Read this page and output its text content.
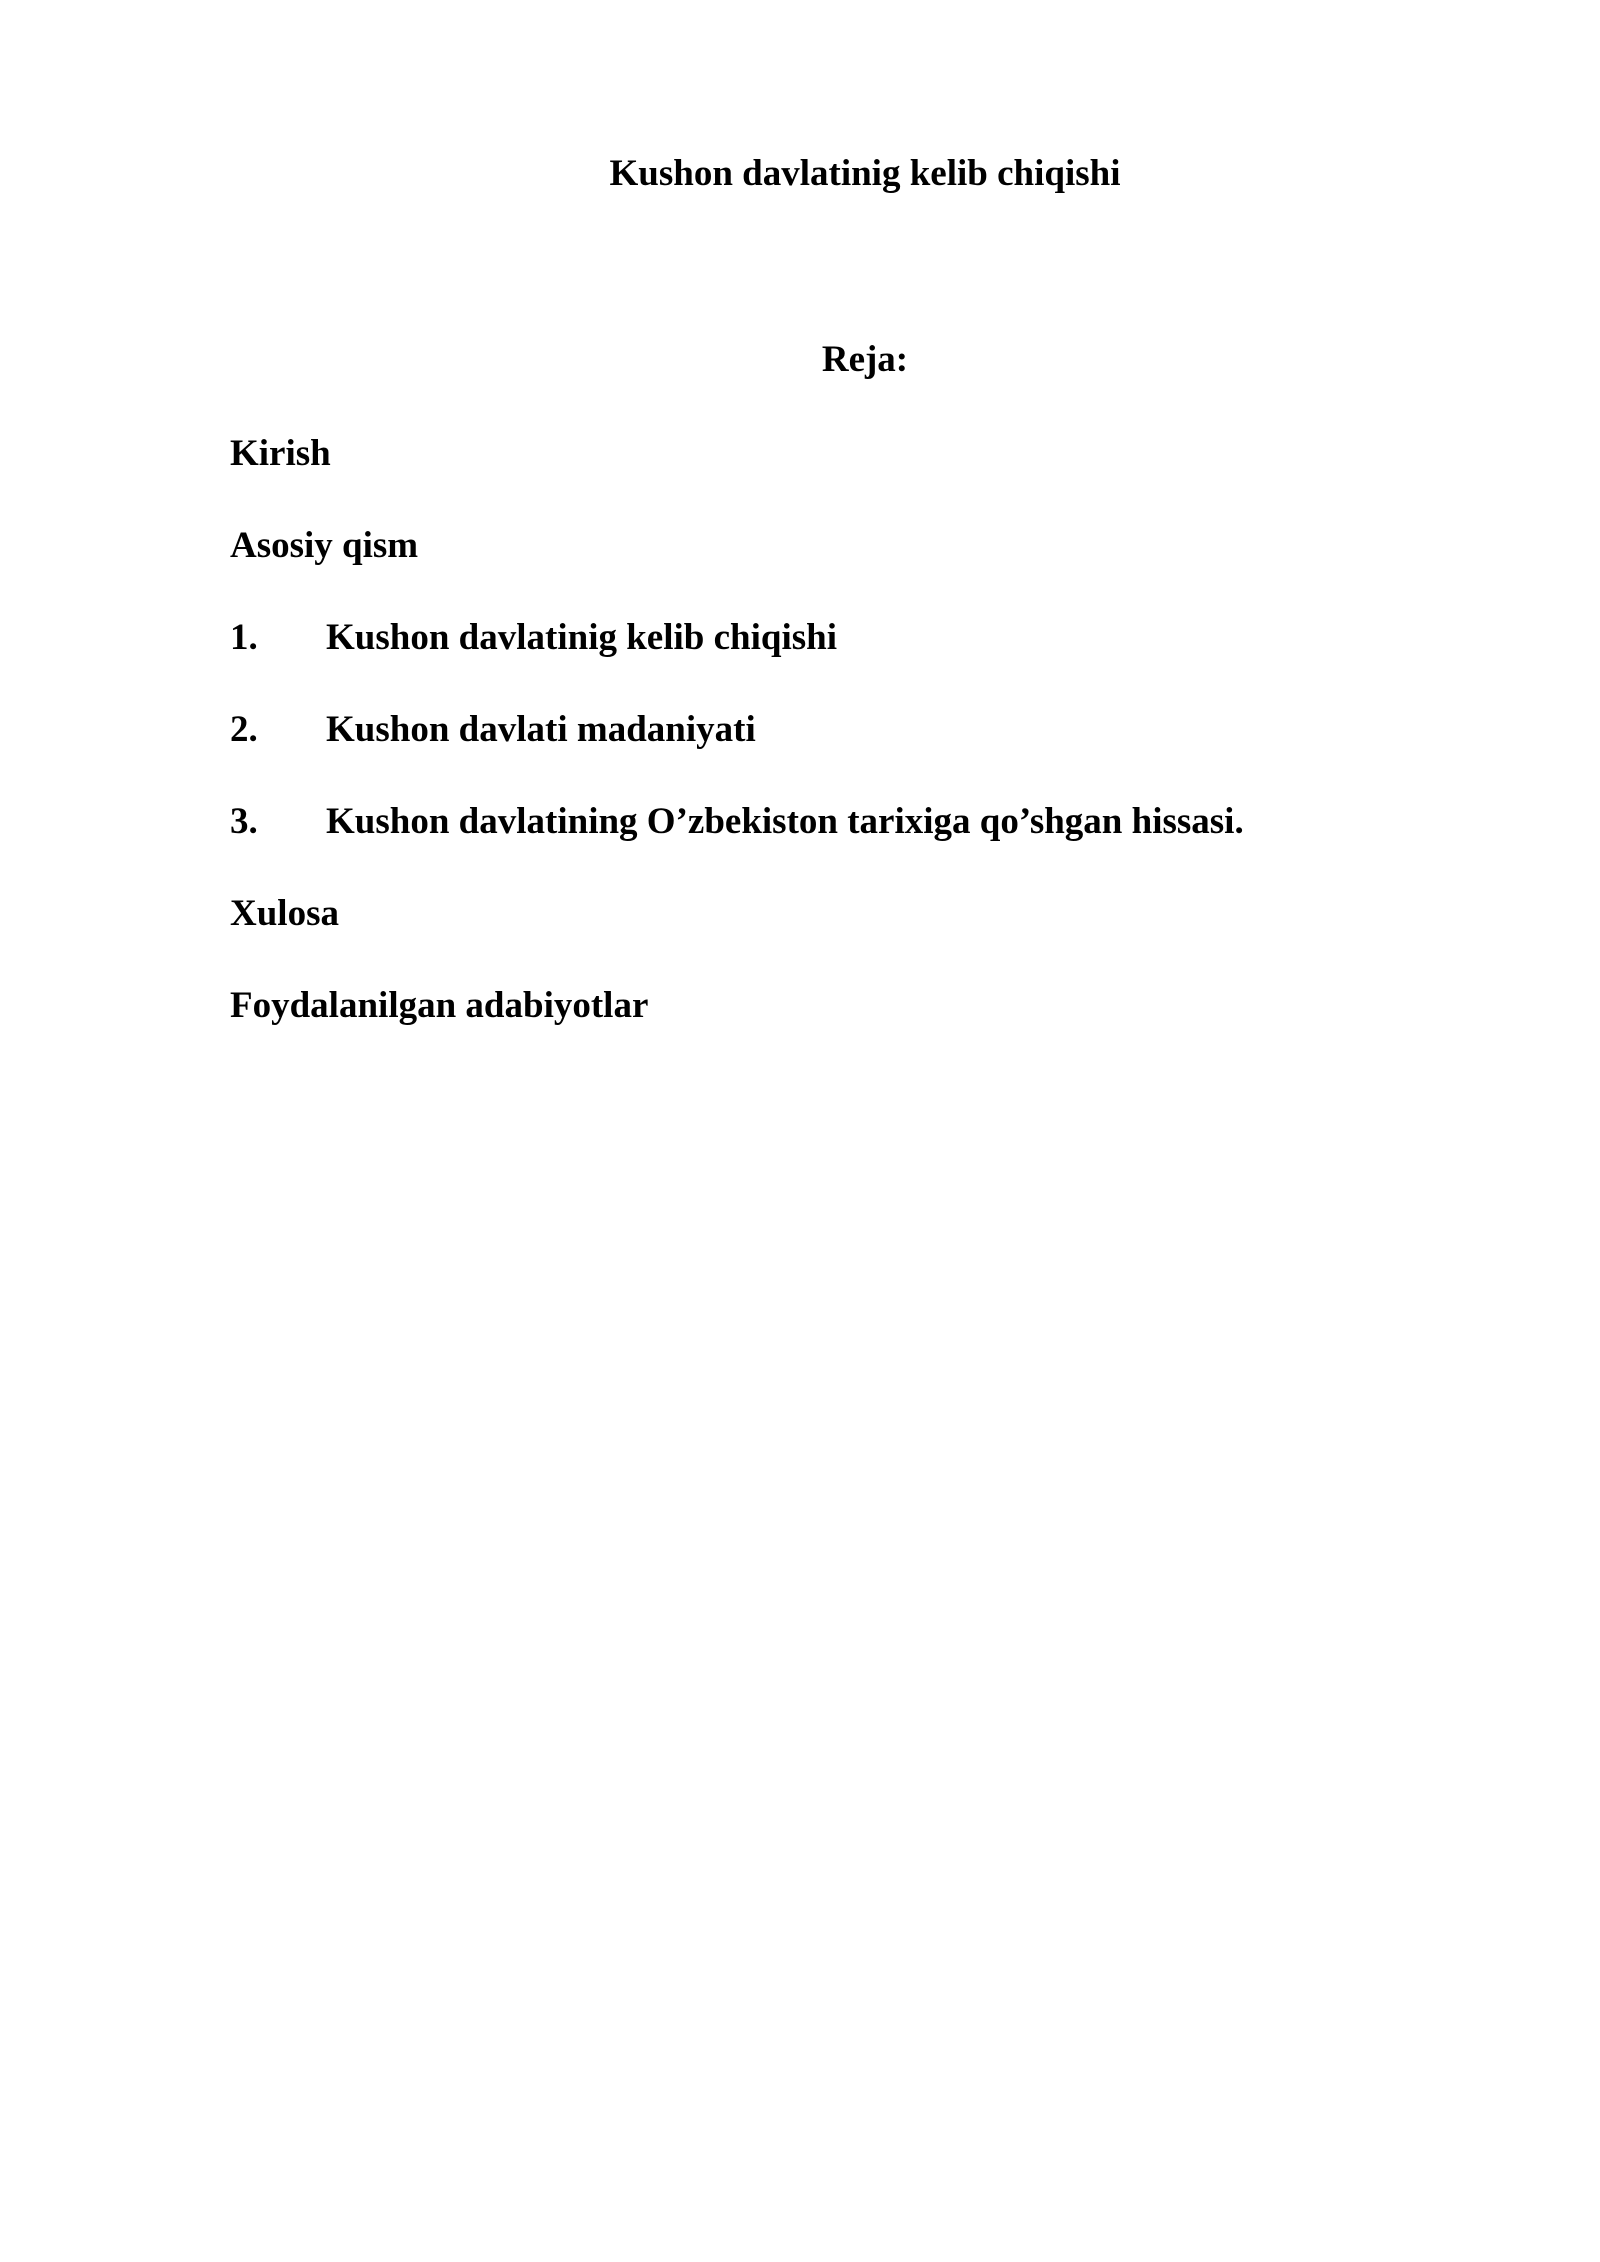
Kushon davlatinig kelib chiqishi
Reja:

Kirish

Asosiy qism

1. Kushon davlatinig kelib chiqishi

2. Kushon davlati madaniyati

3. Kushon davlatining O’zbekiston tarixiga qo’shgan hissasi.

Xulosa

Foydalanilgan adabiyotlar
